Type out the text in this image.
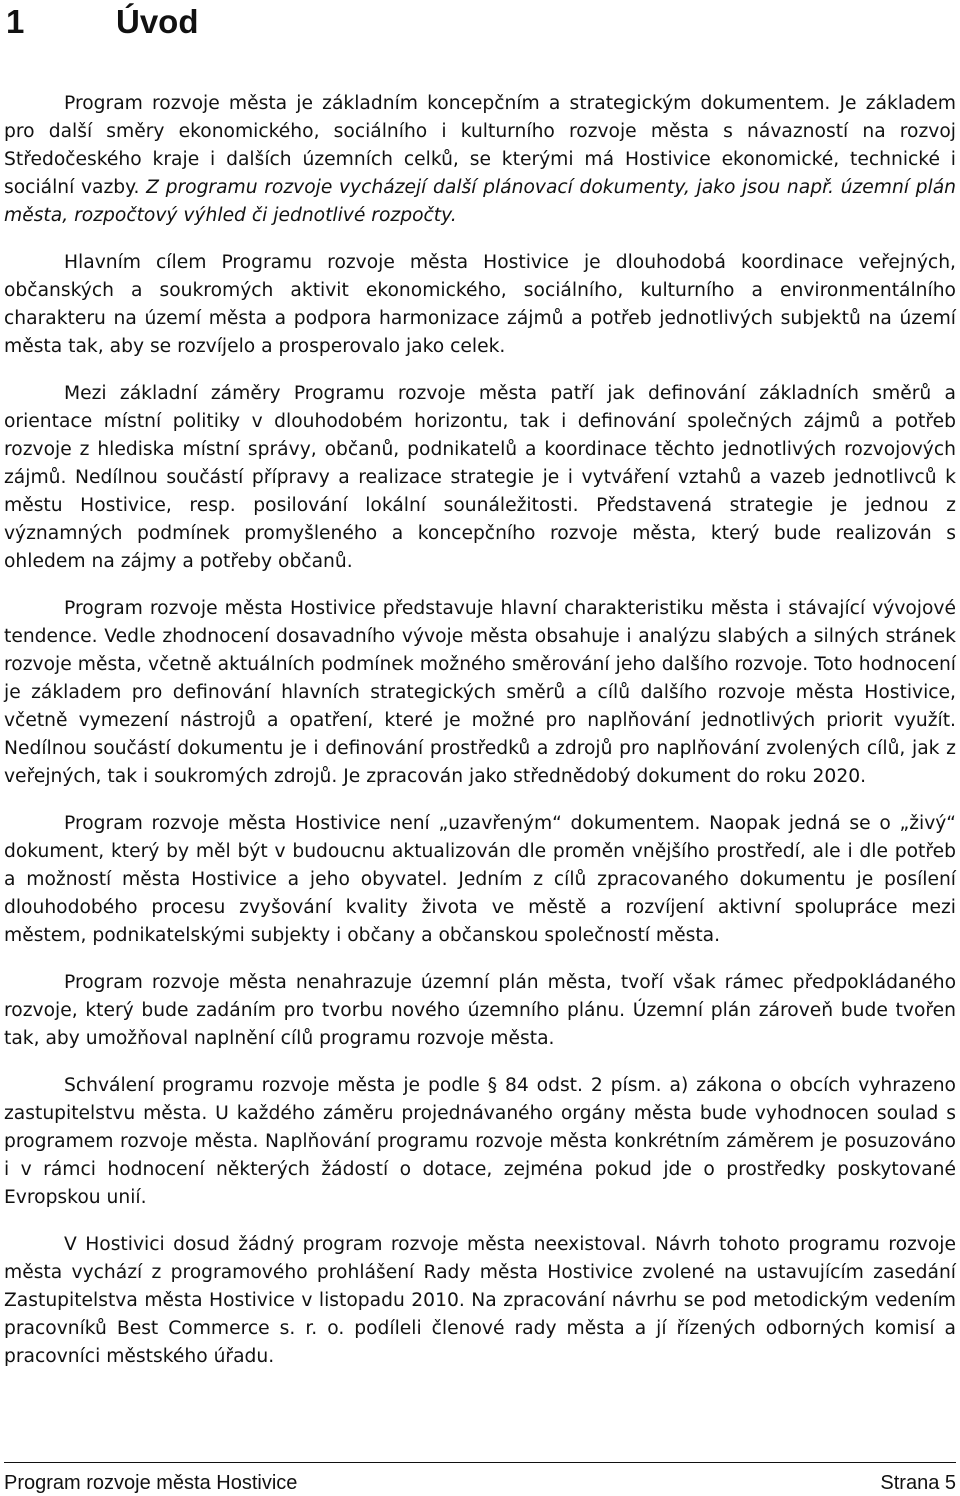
1	Úvod

Program rozvoje města je základním koncepčním a strategickým dokumentem. Je základem pro další směry ekonomického, sociálního i kulturního rozvoje města s návazností na rozvoj Středočeského kraje i dalších územních celků, se kterými má Hostivice ekonomické, technické i sociální vazby. Z programu rozvoje vycházejí další plánovací dokumenty, jako jsou např. územní plán města, rozpočtový výhled či jednotlivé rozpočty.

Hlavním cílem Programu rozvoje města Hostivice je dlouhodobá koordinace veřejných, občanských a soukromých aktivit ekonomického, sociálního, kulturního a environmentálního charakteru na území města a podpora harmonizace zájmů a potřeb jednotlivých subjektů na území města tak, aby se rozvíjelo a prosperovalo jako celek.

Mezi základní záměry Programu rozvoje města patří jak definování základních směrů a orientace místní politiky v dlouhodobém horizontu, tak i definování společných zájmů a potřeb rozvoje z hlediska místní správy, občanů, podnikatelů a koordinace těchto jednotlivých rozvojových zájmů. Nedílnou součástí přípravy a realizace strategie je i vytváření vztahů a vazeb jednotlivců k městu Hostivice, resp. posilování lokální sounáležitosti. Představená strategie je jednou z významných podmínek promyšleného a koncepčního rozvoje města, který bude realizován s ohledem na zájmy a potřeby občanů.

Program rozvoje města Hostivice představuje hlavní charakteristiku města i stávající vývojové tendence. Vedle zhodnocení dosavadního vývoje města obsahuje i analýzu slabých a silných stránek rozvoje města, včetně aktuálních podmínek možného směrování jeho dalšího rozvoje. Toto hodnocení je základem pro definování hlavních strategických směrů a cílů dalšího rozvoje města Hostivice, včetně vymezení nástrojů a opatření, které je možné pro naplňování jednotlivých priorit využít. Nedílnou součástí dokumentu je i definování prostředků a zdrojů pro naplňování zvolených cílů, jak z veřejných, tak i soukromých zdrojů. Je zpracován jako střednědobý dokument do roku 2020.

Program rozvoje města Hostivice není „uzavřeným“ dokumentem. Naopak jedná se o „živý“ dokument, který by měl být v budoucnu aktualizován dle proměn vnějšího prostředí, ale i dle potřeb a možností města Hostivice a jeho obyvatel. Jedním z cílů zpracovaného dokumentu je posílení dlouhodobého procesu zvyšování kvality života ve městě a rozvíjení aktivní spolupráce mezi městem, podnikatelskými subjekty i občany a občanskou společností města.

Program rozvoje města nenahrazuje územní plán města, tvoří však rámec předpokládaného rozvoje, který bude zadáním pro tvorbu nového územního plánu. Územní plán zároveň bude tvořen tak, aby umožňoval naplnění cílů programu rozvoje města.

Schválení programu rozvoje města je podle § 84 odst. 2 písm. a) zákona o obcích vyhrazeno zastupitelstvu města. U každého záměru projednávaného orgány města bude vyhodnocen soulad s programem rozvoje města. Naplňování programu rozvoje města konkrétním záměrem je posuzováno i v rámci hodnocení některých žádostí o dotace, zejména pokud jde o prostředky poskytované Evropskou unií.

V Hostivici dosud žádný program rozvoje města neexistoval. Návrh tohoto programu rozvoje města vychází z programového prohlášení Rady města Hostivice zvolené na ustavujícím zasedání Zastupitelstva města Hostivice v listopadu 2010. Na zpracování návrhu se pod metodickým vedením pracovníků Best Commerce s. r. o. podíleli členové rady města a jí řízených odborných komisí a pracovníci městského úřadu.

Program rozvoje města Hostivice	Strana 5
